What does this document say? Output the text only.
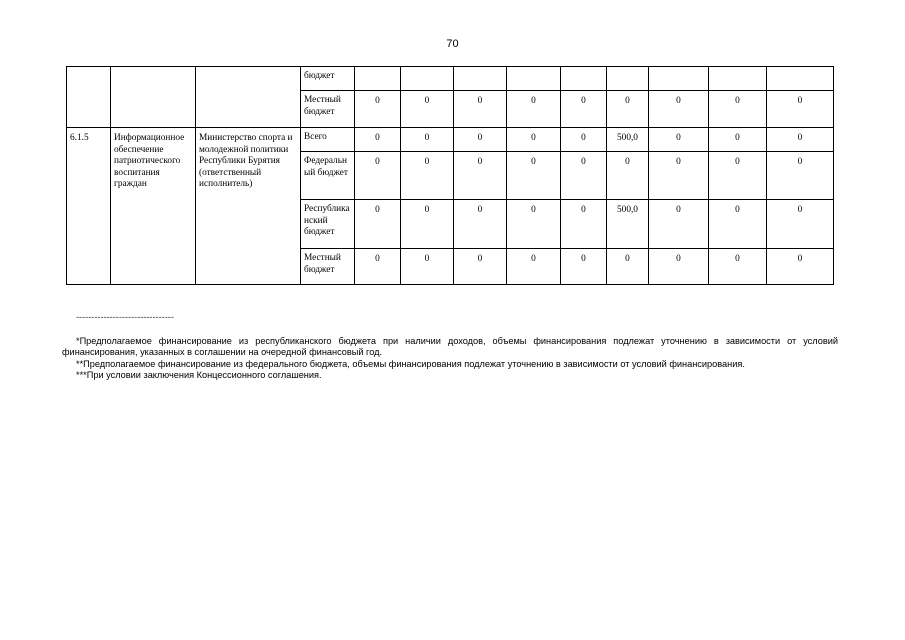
70
			бюджет									
			Местный бюджет	0	0	0	0	0	0	0	0	0
6.1.5	Информационное обеспечение патриотического воспитания граждан	Министерство спорта и молодежной политики Республики Бурятия (ответственный исполнитель)	Всего	0	0	0	0	0	500,0	0	0	0
			Федеральный бюджет	0	0	0	0	0	0	0	0	0
			Республиканский бюджет	0	0	0	0	0	500,0	0	0	0
			Местный бюджет	0	0	0	0	0	0	0	0	0
--------------------------------

*Предполагаемое финансирование из республиканского бюджета при наличии доходов, объемы финансирования подлежат уточнению в зависимости от условий финансирования, указанных в соглашении на очередной финансовый год.

**Предполагаемое финансирование из федерального бюджета, объемы финансирования подлежат уточнению в зависимости от условий финансирования.

***При условии заключения Концессионного соглашения.
